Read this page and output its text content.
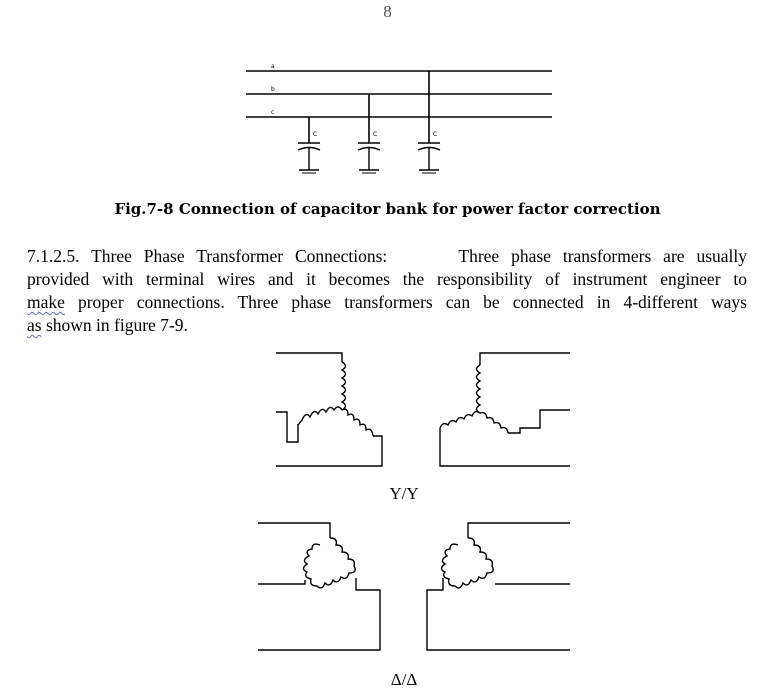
8
a
b
c
C	C	C
Fig.7-8 Connection of capacitor bank for power factor correction
7.1.2.5. Three Phase Transformer Connections:	Three phase transformers are usually
provided with terminal wires and it becomes the responsibility of instrument engineer to
make proper connections. Three phase transformers can be connected in 4-different ways
as shown in figure 7-9.
Y/Y
Δ/Δ
